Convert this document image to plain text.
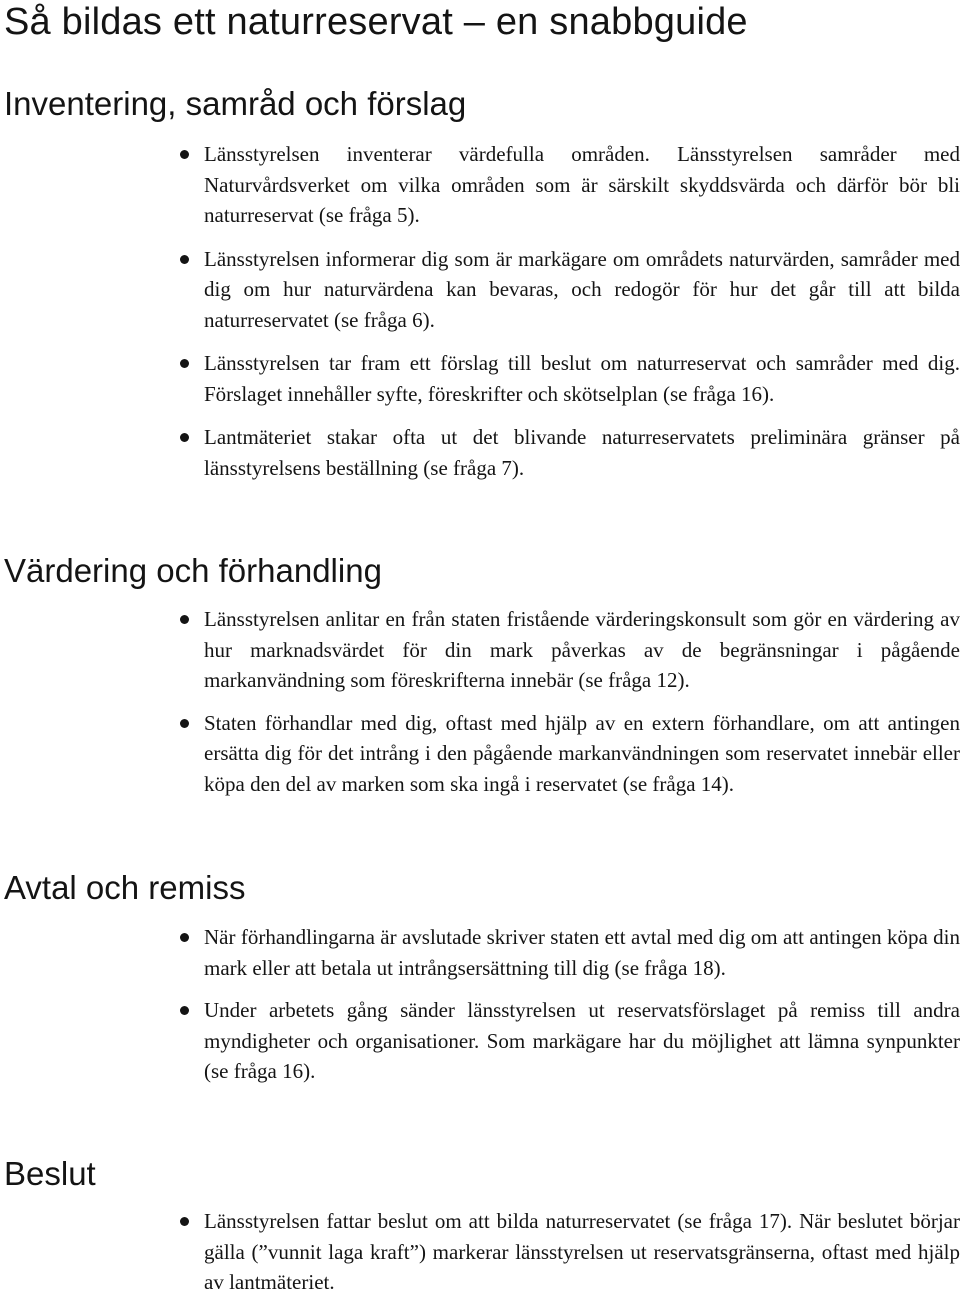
Så bildas ett naturreservat – en snabbguide
Inventering, samråd och förslag
Länsstyrelsen inventerar värdefulla områden. Länsstyrelsen samråder med Naturvårdsverket om vilka områden som är särskilt skyddsvärda och därför bör bli naturreservat (se fråga 5).
Länsstyrelsen informerar dig som är markägare om områdets naturvärden, samråder med dig om hur naturvärdena kan bevaras, och redogör för hur det går till att bilda naturreservatet (se fråga 6).
Länsstyrelsen tar fram ett förslag till beslut om naturreservat och samråder med dig. Förslaget innehåller syfte, föreskrifter och skötselplan (se fråga 16).
Lantmäteriet stakar ofta ut det blivande naturreservatets preliminära gränser på länsstyrelsens beställning (se fråga 7).
Värdering och förhandling
Länsstyrelsen anlitar en från staten fristående värderingskonsult som gör en värdering av hur marknadsvärdet för din mark påverkas av de begränsningar i pågående markanvändning som föreskrifterna innebär (se fråga 12).
Staten förhandlar med dig, oftast med hjälp av en extern förhandlare, om att antingen ersätta dig för det intrång i den pågående markanvändningen som reservatet innebär eller köpa den del av marken som ska ingå i reservatet (se fråga 14).
Avtal och remiss
När förhandlingarna är avslutade skriver staten ett avtal med dig om att antingen köpa din mark eller att betala ut intrångsersättning till dig (se fråga 18).
Under arbetets gång sänder länsstyrelsen ut reservatsförslaget på remiss till andra myndigheter och organisationer. Som markägare har du möjlighet att lämna synpunkter (se fråga 16).
Beslut
Länsstyrelsen fattar beslut om att bilda naturreservatet (se fråga 17). När beslutet börjar gälla (”vunnit laga kraft”) markerar länsstyrelsen ut reservatsgränserna, oftast med hjälp av lantmäteriet.
